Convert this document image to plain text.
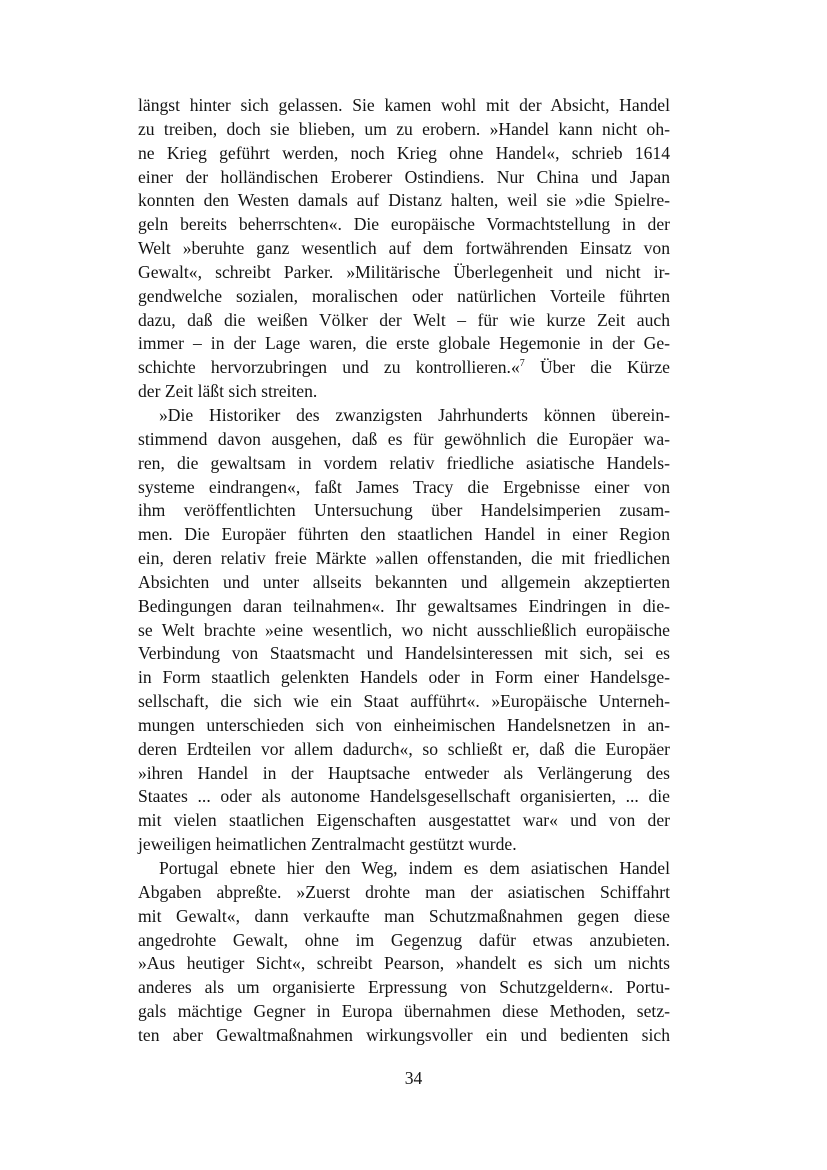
längst hinter sich gelassen. Sie kamen wohl mit der Absicht, Handel
zu treiben, doch sie blieben, um zu erobern. »Handel kann nicht oh-
ne Krieg geführt werden, noch Krieg ohne Handel«, schrieb 1614
einer der holländischen Eroberer Ostindiens. Nur China und Japan
konnten den Westen damals auf Distanz halten, weil sie »die Spielre-
geln bereits beherrschten«. Die europäische Vormachtstellung in der
Welt »beruhte ganz wesentlich auf dem fortwährenden Einsatz von
Gewalt«, schreibt Parker. »Militärische Überlegenheit und nicht ir-
gendwelche sozialen, moralischen oder natürlichen Vorteile führten
dazu, daß die weißen Völker der Welt – für wie kurze Zeit auch
immer – in der Lage waren, die erste globale Hegemonie in der Ge-
schichte hervorzubringen und zu kontrollieren.«$^7$ Über die Kürze
der Zeit läßt sich streiten.
»Die Historiker des zwanzigsten Jahrhunderts können überein-
stimmend davon ausgehen, daß es für gewöhnlich die Europäer wa-
ren, die gewaltsam in vordem relativ friedliche asiatische Handels-
systeme eindrangen«, faßt James Tracy die Ergebnisse einer von
ihm veröffentlichten Untersuchung über Handelsimperien zusam-
men. Die Europäer führten den staatlichen Handel in einer Region
ein, deren relativ freie Märkte »allen offenstanden, die mit friedlichen
Absichten und unter allseits bekannten und allgemein akzeptierten
Bedingungen daran teilnahmen«. Ihr gewaltsames Eindringen in die-
se Welt brachte »eine wesentlich, wo nicht ausschließlich europäische
Verbindung von Staatsmacht und Handelsinteressen mit sich, sei es
in Form staatlich gelenkten Handels oder in Form einer Handelsge-
sellschaft, die sich wie ein Staat aufführt«. »Europäische Unterneh-
mungen unterschieden sich von einheimischen Handelsnetzen in an-
deren Erdteilen vor allem dadurch«, so schließt er, daß die Europäer
»ihren Handel in der Hauptsache entweder als Verlängerung des
Staates ... oder als autonome Handelsgesellschaft organisierten, ... die
mit vielen staatlichen Eigenschaften ausgestattet war« und von der
jeweiligen heimatlichen Zentralmacht gestützt wurde.
Portugal ebnete hier den Weg, indem es dem asiatischen Handel
Abgaben abpreßte. »Zuerst drohte man der asiatischen Schiffahrt
mit Gewalt«, dann verkaufte man Schutzmaßnahmen gegen diese
angedrohte Gewalt, ohne im Gegenzug dafür etwas anzubieten.
»Aus heutiger Sicht«, schreibt Pearson, »handelt es sich um nichts
anderes als um organisierte Erpressung von Schutzgeldern«. Portu-
gals mächtige Gegner in Europa übernahmen diese Methoden, setz-
ten aber Gewaltmaßnahmen wirkungsvoller ein und bedienten sich
34
